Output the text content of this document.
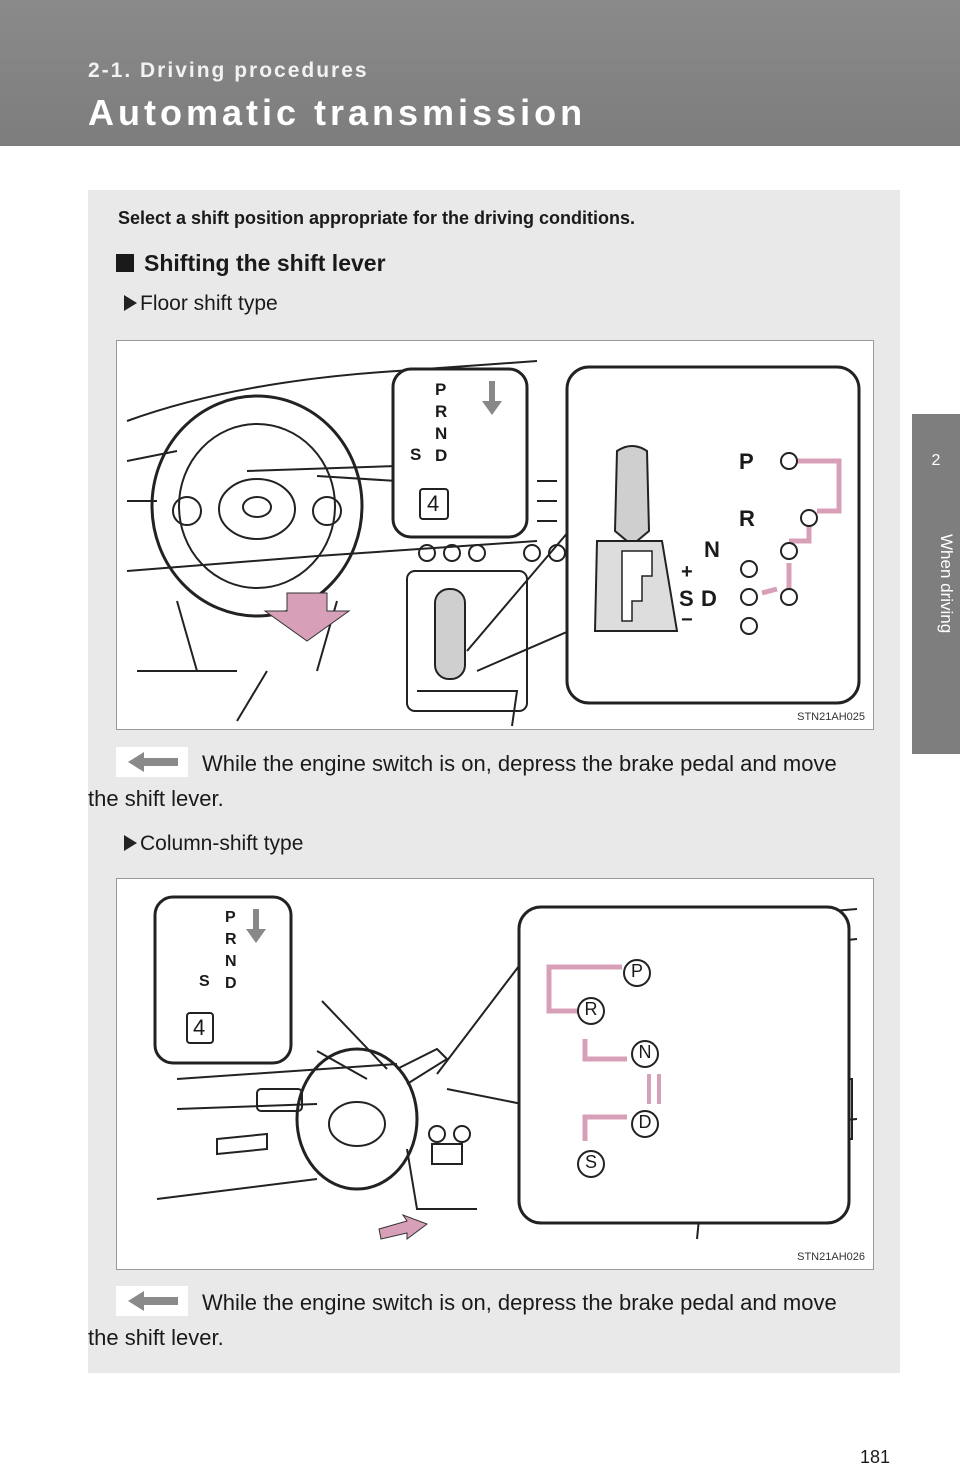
2-1. Driving procedures
Automatic transmission
2
When driving
Select a shift position appropriate for the driving conditions.
Shifting the shift lever
Floor shift type
P
R
N
D
S
4
P
R
N
D
S
+
−
STN21AH025
While the engine switch is on, depress the brake pedal and move the shift lever.
Column-shift type
P
R
N
D
S
4
P
R
N
D
S
STN21AH026
While the engine switch is on, depress the brake pedal and move the shift lever.
181
